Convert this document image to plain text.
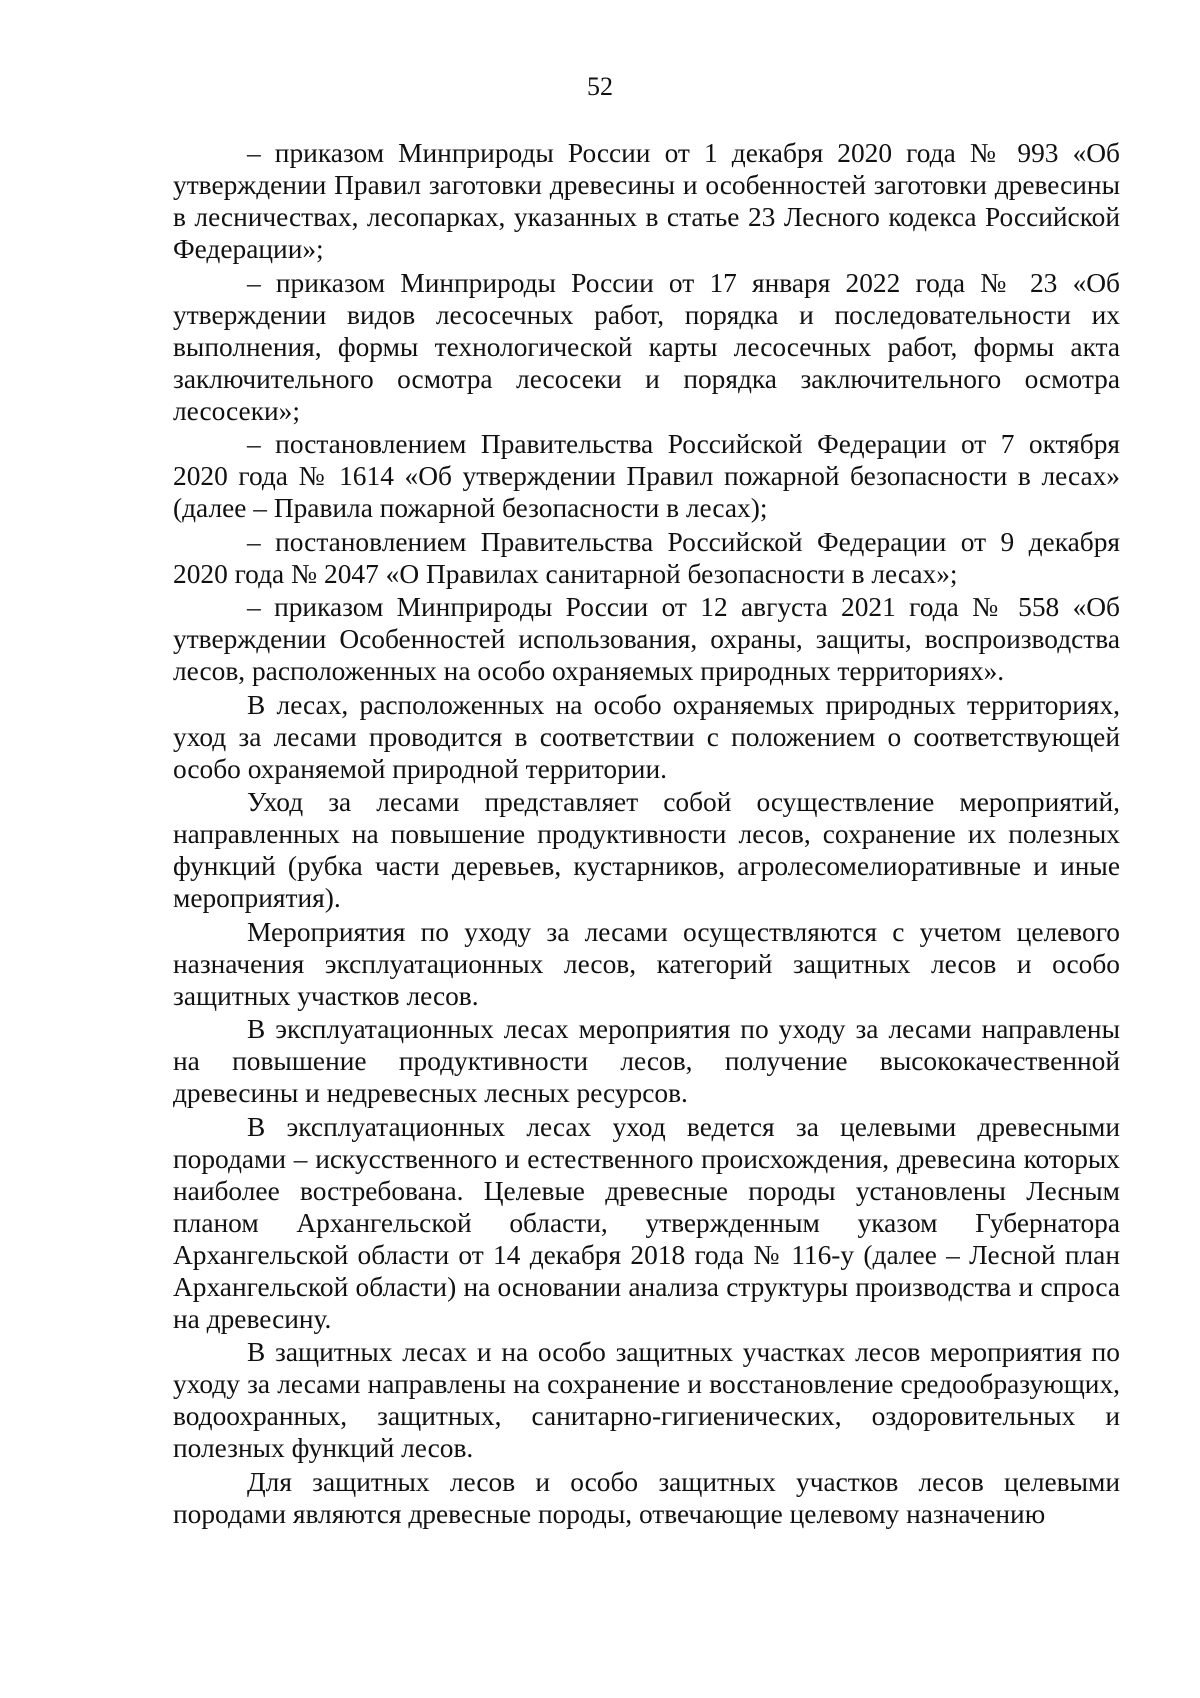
52

– приказом Минприроды России от 1 декабря 2020 года № 993 «Об утверждении Правил заготовки древесины и особенностей заготовки древесины в лесничествах, лесопарках, указанных в статье 23 Лесного кодекса Российской Федерации»;

– приказом Минприроды России от 17 января 2022 года № 23 «Об утверждении видов лесосечных работ, порядка и последовательности их выполнения, формы технологической карты лесосечных работ, формы акта заключительного осмотра лесосеки и порядка заключительного осмотра лесосеки»;

– постановлением Правительства Российской Федерации от 7 октября 2020 года № 1614 «Об утверждении Правил пожарной безопасности в лесах» (далее – Правила пожарной безопасности в лесах);

– постановлением Правительства Российской Федерации от 9 декабря 2020 года № 2047 «О Правилах санитарной безопасности в лесах»;

– приказом Минприроды России от 12 августа 2021 года № 558 «Об утверждении Особенностей использования, охраны, защиты, воспроизводства лесов, расположенных на особо охраняемых природных территориях».

В лесах, расположенных на особо охраняемых природных территориях, уход за лесами проводится в соответствии с положением о соответствующей особо охраняемой природной территории.

Уход за лесами представляет собой осуществление мероприятий, направленных на повышение продуктивности лесов, сохранение их полезных функций (рубка части деревьев, кустарников, агролесомелиоративные и иные мероприятия).

Мероприятия по уходу за лесами осуществляются с учетом целевого назначения эксплуатационных лесов, категорий защитных лесов и особо защитных участков лесов.

В эксплуатационных лесах мероприятия по уходу за лесами направлены на повышение продуктивности лесов, получение высококачественной древесины и недревесных лесных ресурсов.

В эксплуатационных лесах уход ведется за целевыми древесными породами – искусственного и естественного происхождения, древесина которых наиболее востребована. Целевые древесные породы установлены Лесным планом Архангельской области, утвержденным указом Губернатора Архангельской области от 14 декабря 2018 года № 116-у (далее – Лесной план Архангельской области) на основании анализа структуры производства и спроса на древесину.

В защитных лесах и на особо защитных участках лесов мероприятия по уходу за лесами направлены на сохранение и восстановление средообразующих, водоохранных, защитных, санитарно-гигиенических, оздоровительных и полезных функций лесов.

Для защитных лесов и особо защитных участков лесов целевыми породами являются древесные породы, отвечающие целевому назначению
